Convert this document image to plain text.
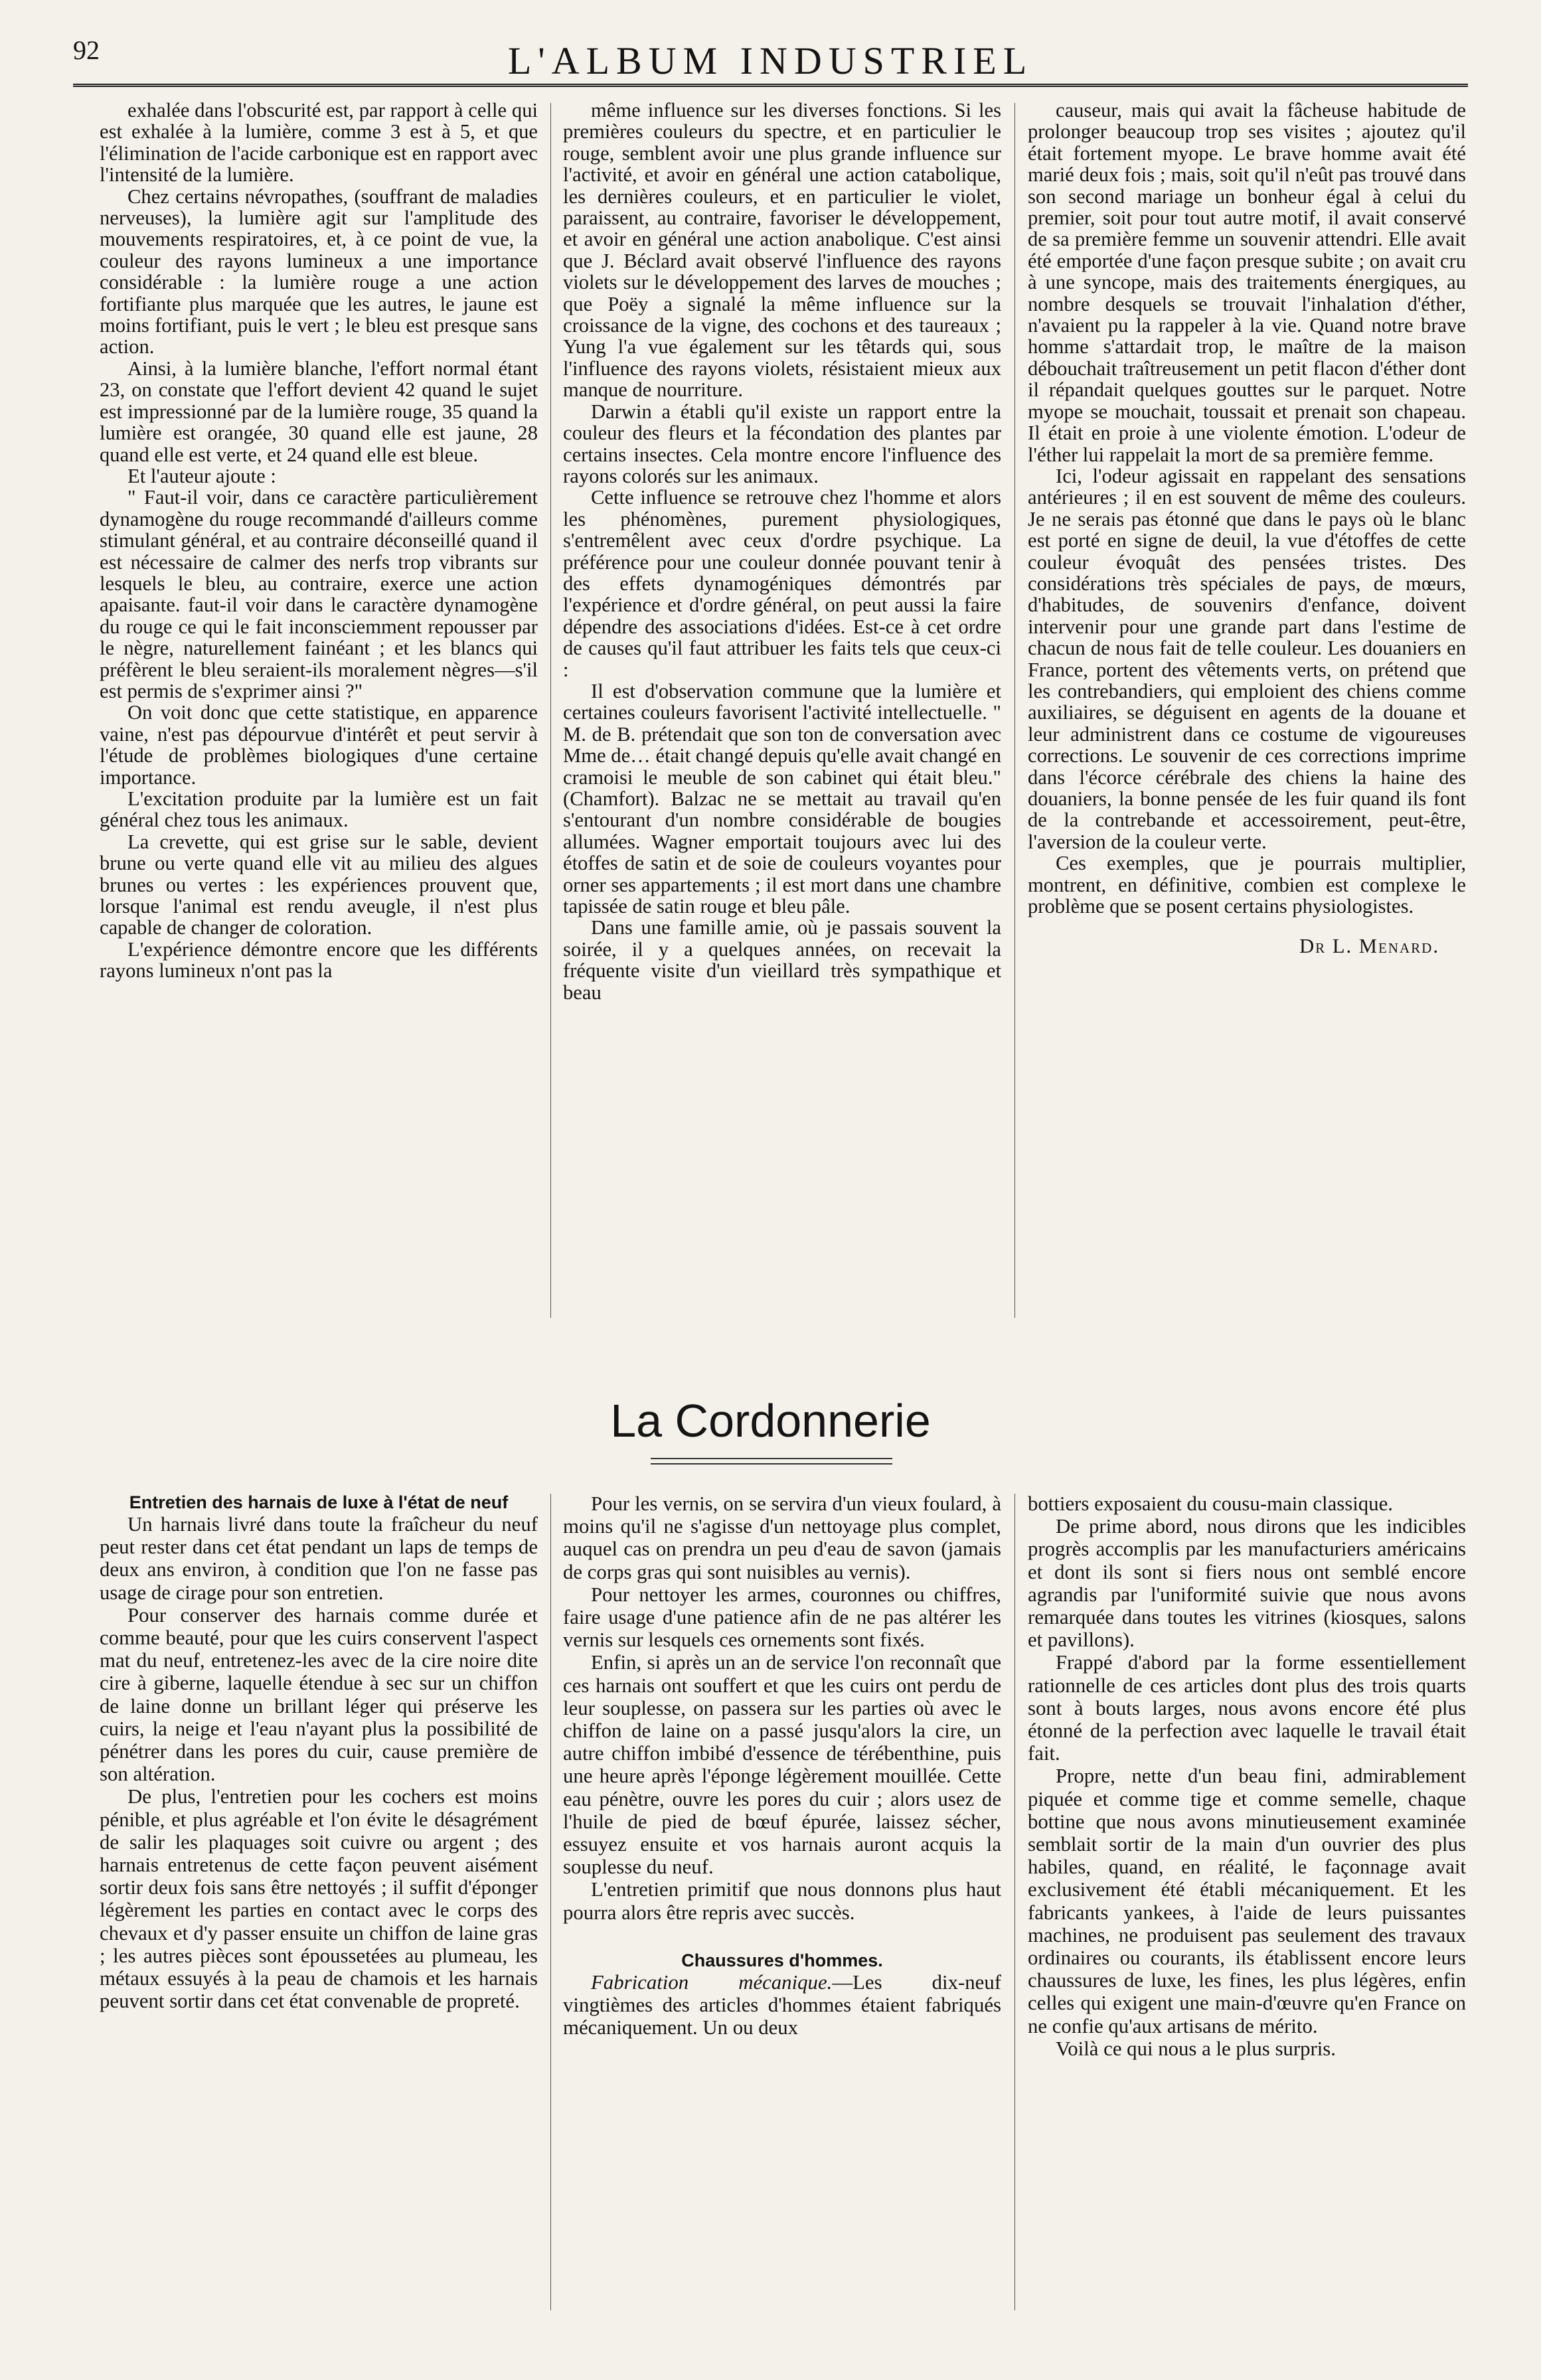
92	L'ALBUM INDUSTRIEL

exhalée dans l'obscurité est, par rapport à celle qui est exhalée à la lumière, comme 3 est à 5, et que l'élimination de l'acide carbonique est en rapport avec l'intensité de la lumière.

Chez certains névropathes, (souffrant de maladies nerveuses), la lumière agit sur l'amplitude des mouvements respiratoires, et, à ce point de vue, la couleur des rayons lumineux a une importance considérable : la lumière rouge a une action fortifiante plus marquée que les autres, le jaune est moins fortifiant, puis le vert ; le bleu est presque sans action.

Ainsi, à la lumière blanche, l'effort normal étant 23, on constate que l'effort devient 42 quand le sujet est impressionné par de la lumière rouge, 35 quand la lumière est orangée, 30 quand elle est jaune, 28 quand elle est verte, et 24 quand elle est bleue.

Et l'auteur ajoute :

" Faut-il voir, dans ce caractère particulièrement dynamogène du rouge recommandé d'ailleurs comme stimulant général, et au contraire déconseillé quand il est nécessaire de calmer des nerfs trop vibrants sur lesquels le bleu, au contraire, exerce une action apaisante. faut-il voir dans le caractère dynamogène du rouge ce qui le fait inconsciemment repousser par le nègre, naturellement fainéant ; et les blancs qui préfèrent le bleu seraient-ils moralement nègres—s'il est permis de s'exprimer ainsi ?"

On voit donc que cette statistique, en apparence vaine, n'est pas dépourvue d'intérêt et peut servir à l'étude de problèmes biologiques d'une certaine importance.

L'excitation produite par la lumière est un fait général chez tous les animaux.

La crevette, qui est grise sur le sable, devient brune ou verte quand elle vit au milieu des algues brunes ou vertes : les expériences prouvent que, lorsque l'animal est rendu aveugle, il n'est plus capable de changer de coloration.

L'expérience démontre encore que les différents rayons lumineux n'ont pas la

même influence sur les diverses fonctions. Si les premières couleurs du spectre, et en particulier le rouge, semblent avoir une plus grande influence sur l'activité, et avoir en général une action catabolique, les dernières couleurs, et en particulier le violet, paraissent, au contraire, favoriser le développement, et avoir en général une action anabolique. C'est ainsi que J. Béclard avait observé l'influence des rayons violets sur le développement des larves de mouches ; que Poëy a signalé la même influence sur la croissance de la vigne, des cochons et des taureaux ; Yung l'a vue également sur les têtards qui, sous l'influence des rayons violets, résistaient mieux aux manque de nourriture.

Darwin a établi qu'il existe un rapport entre la couleur des fleurs et la fécondation des plantes par certains insectes. Cela montre encore l'influence des rayons colorés sur les animaux.

Cette influence se retrouve chez l'homme et alors les phénomènes, purement physiologiques, s'entremêlent avec ceux d'ordre psychique. La préférence pour une couleur donnée pouvant tenir à des effets dynamogéniques démontrés par l'expérience et d'ordre général, on peut aussi la faire dépendre des associations d'idées. Est-ce à cet ordre de causes qu'il faut attribuer les faits tels que ceux-ci :

Il est d'observation commune que la lumière et certaines couleurs favorisent l'activité intellectuelle. " M. de B. prétendait que son ton de conversation avec Mme de… était changé depuis qu'elle avait changé en cramoisi le meuble de son cabinet qui était bleu." (Chamfort). Balzac ne se mettait au travail qu'en s'entourant d'un nombre considérable de bougies allumées. Wagner emportait toujours avec lui des étoffes de satin et de soie de couleurs voyantes pour orner ses appartements ; il est mort dans une chambre tapissée de satin rouge et bleu pâle.

Dans une famille amie, où je passais souvent la soirée, il y a quelques années, on recevait la fréquente visite d'un vieillard très sympathique et beau

causeur, mais qui avait la fâcheuse habitude de prolonger beaucoup trop ses visites ; ajoutez qu'il était fortement myope. Le brave homme avait été marié deux fois ; mais, soit qu'il n'eût pas trouvé dans son second mariage un bonheur égal à celui du premier, soit pour tout autre motif, il avait conservé de sa première femme un souvenir attendri. Elle avait été emportée d'une façon presque subite ; on avait cru à une syncope, mais des traitements énergiques, au nombre desquels se trouvait l'inhalation d'éther, n'avaient pu la rappeler à la vie. Quand notre brave homme s'attardait trop, le maître de la maison débouchait traîtreusement un petit flacon d'éther dont il répandait quelques gouttes sur le parquet. Notre myope se mouchait, toussait et prenait son chapeau. Il était en proie à une violente émotion. L'odeur de l'éther lui rappelait la mort de sa première femme.

Ici, l'odeur agissait en rappelant des sensations antérieures ; il en est souvent de même des couleurs. Je ne serais pas étonné que dans le pays où le blanc est porté en signe de deuil, la vue d'étoffes de cette couleur évoquât des pensées tristes. Des considérations très spéciales de pays, de mœurs, d'habitudes, de souvenirs d'enfance, doivent intervenir pour une grande part dans l'estime de chacun de nous fait de telle couleur. Les douaniers en France, portent des vêtements verts, on prétend que les contrebandiers, qui emploient des chiens comme auxiliaires, se déguisent en agents de la douane et leur administrent dans ce costume de vigoureuses corrections. Le souvenir de ces corrections imprime dans l'écorce cérébrale des chiens la haine des douaniers, la bonne pensée de les fuir quand ils font de la contrebande et accessoirement, peut-être, l'aversion de la couleur verte.

Ces exemples, que je pourrais multiplier, montrent, en définitive, combien est complexe le problème que se posent certains physiologistes.

Dr L. Menard.
La Cordonnerie

Entretien des harnais de luxe à l'état de neuf

Un harnais livré dans toute la fraîcheur du neuf peut rester dans cet état pendant un laps de temps de deux ans environ, à condition que l'on ne fasse pas usage de cirage pour son entretien.

Pour conserver des harnais comme durée et comme beauté, pour que les cuirs conservent l'aspect mat du neuf, entretenez-les avec de la cire noire dite cire à giberne, laquelle étendue à sec sur un chiffon de laine donne un brillant léger qui préserve les cuirs, la neige et l'eau n'ayant plus la possibilité de pénétrer dans les pores du cuir, cause première de son altération.

De plus, l'entretien pour les cochers est moins pénible, et plus agréable et l'on évite le désagrément de salir les plaquages soit cuivre ou argent ; des harnais entretenus de cette façon peuvent aisément sortir deux fois sans être nettoyés ; il suffit d'éponger légèrement les parties en contact avec le corps des chevaux et d'y passer ensuite un chiffon de laine gras ; les autres pièces sont époussetées au plumeau, les métaux essuyés à la peau de chamois et les harnais peuvent sortir dans cet état convenable de propreté.

Pour les vernis, on se servira d'un vieux foulard, à moins qu'il ne s'agisse d'un nettoyage plus complet, auquel cas on prendra un peu d'eau de savon (jamais de corps gras qui sont nuisibles au vernis).

Pour nettoyer les armes, couronnes ou chiffres, faire usage d'une patience afin de ne pas altérer les vernis sur lesquels ces ornements sont fixés.

Enfin, si après un an de service l'on reconnaît que ces harnais ont souffert et que les cuirs ont perdu de leur souplesse, on passera sur les parties où avec le chiffon de laine on a passé jusqu'alors la cire, un autre chiffon imbibé d'essence de térébenthine, puis une heure après l'éponge légèrement mouillée. Cette eau pénètre, ouvre les pores du cuir ; alors usez de l'huile de pied de bœuf épurée, laissez sécher, essuyez ensuite et vos harnais auront acquis la souplesse du neuf.

L'entretien primitif que nous donnons plus haut pourra alors être repris avec succès.

Chaussures d'hommes.

Fabrication mécanique.—Les dix-neuf vingtièmes des articles d'hommes étaient fabriqués mécaniquement. Un ou deux

bottiers exposaient du cousu-main classique.

De prime abord, nous dirons que les indicibles progrès accomplis par les manufacturiers américains et dont ils sont si fiers nous ont semblé encore agrandis par l'uniformité suivie que nous avons remarquée dans toutes les vitrines (kiosques, salons et pavillons).

Frappé d'abord par la forme essentiellement rationnelle de ces articles dont plus des trois quarts sont à bouts larges, nous avons encore été plus étonné de la perfection avec laquelle le travail était fait.

Propre, nette d'un beau fini, admirablement piquée et comme tige et comme semelle, chaque bottine que nous avons minutieusement examinée semblait sortir de la main d'un ouvrier des plus habiles, quand, en réalité, le façonnage avait exclusivement été établi mécaniquement. Et les fabricants yankees, à l'aide de leurs puissantes machines, ne produisent pas seulement des travaux ordinaires ou courants, ils établissent encore leurs chaussures de luxe, les fines, les plus légères, enfin celles qui exigent une main-d'œuvre qu'en France on ne confie qu'aux artisans de mérito.

Voilà ce qui nous a le plus surpris.
